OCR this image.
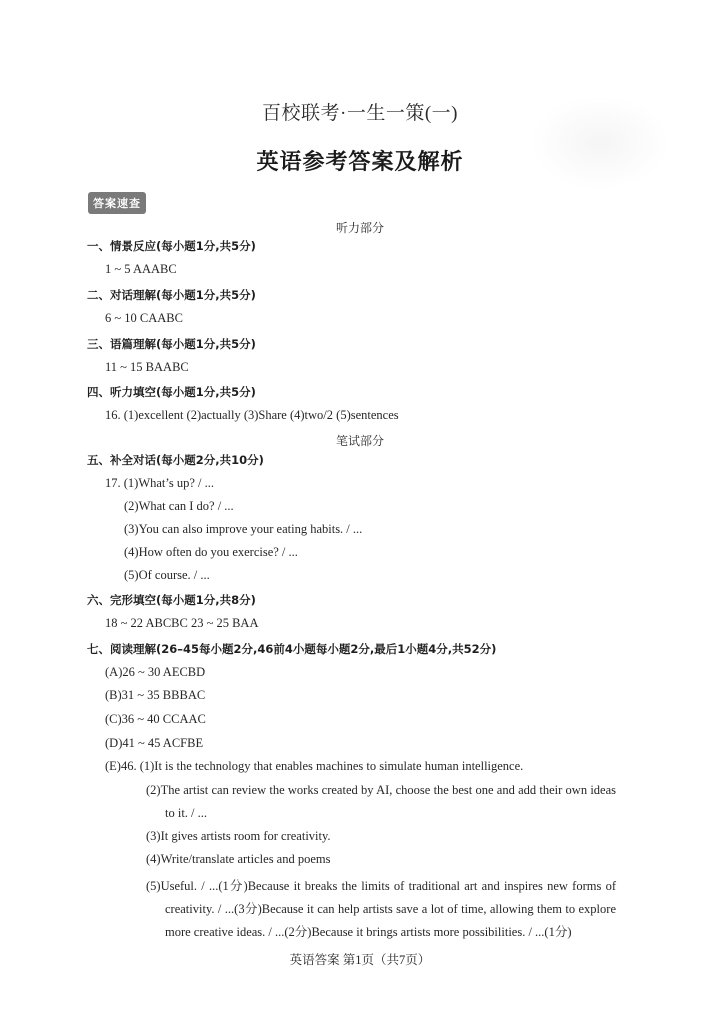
百校联考·一生一策(一)
英语参考答案及解析
答案速查
听力部分
一、情景反应(每小题1分,共5分)
1 ~ 5 AAABC
二、对话理解(每小题1分,共5分)
6 ~ 10 CAABC
三、语篇理解(每小题1分,共5分)
11 ~ 15 BAABC
四、听力填空(每小题1分,共5分)
16. (1)excellent (2)actually (3)Share (4)two/2 (5)sentences
笔试部分
五、补全对话(每小题2分,共10分)
17. (1)What’s up? / ...
(2)What can I do? / ...
(3)You can also improve your eating habits. / ...
(4)How often do you exercise? / ...
(5)Of course. / ...
六、完形填空(每小题1分,共8分)
18 ~ 22 ABCBC 23 ~ 25 BAA
七、阅读理解(26–45每小题2分,46前4小题每小题2分,最后1小题4分,共52分)
(A)26 ~ 30 AECBD
(B)31 ~ 35 BBBAC
(C)36 ~ 40 CCAAC
(D)41 ~ 45 ACFBE
(E)46. (1)It is the technology that enables machines to simulate human intelligence.
(2)The artist can review the works created by AI, choose the best one and add their own ideas
to it. / ...
(3)It gives artists room for creativity.
(4)Write/translate articles and poems
(5)Useful. / ...(1分)Because it breaks the limits of traditional art and inspires new forms of
creativity. / ...(3分)Because it can help artists save a lot of time, allowing them to explore
more creative ideas. / ...(2分)Because it brings artists more possibilities. / ...(1分)
英语答案 第1页（共7页）
